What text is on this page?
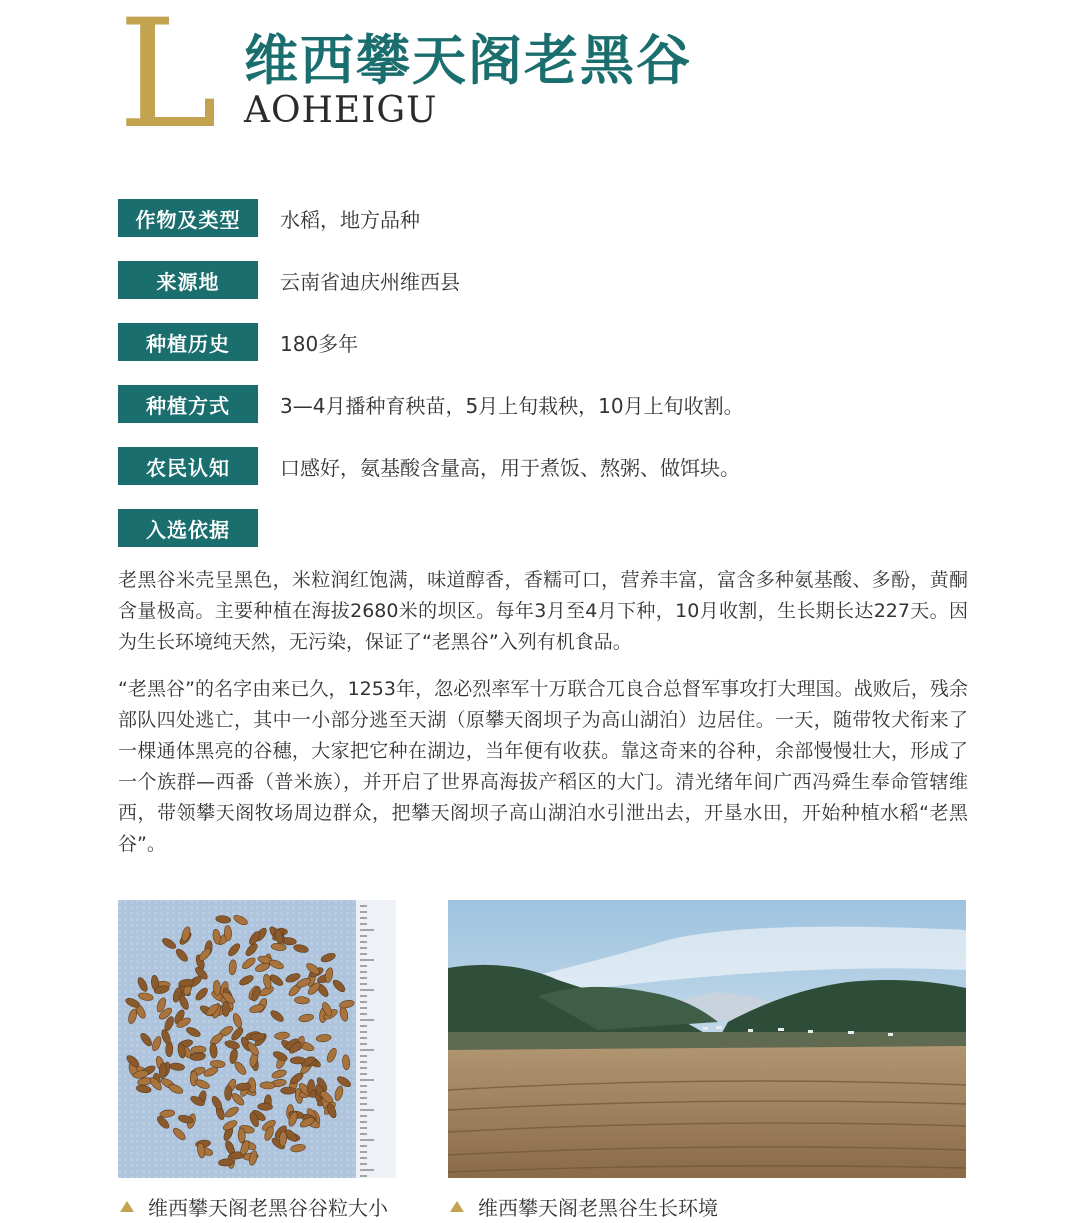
L 维西攀天阁老黑谷
AOHEIGU
作物及类型	水稻，地方品种
来源地	云南省迪庆州维西县
种植历史	180多年
种植方式	3—4月播种育秧苗，5月上旬栽秧，10月上旬收割。
农民认知	口感好，氨基酸含量高，用于煮饭、熬粥、做饵块。
入选依据

老黑谷米壳呈黑色，米粒润红饱满，味道醇香，香糯可口，营养丰富，富含多种氨基酸、多酚，黄酮含量极高。主要种植在海拔2680米的坝区。每年3月至4月下种，10月收割，生长期长达227天。因为生长环境纯天然，无污染，保证了“老黑谷”入列有机食品。

“老黑谷”的名字由来已久，1253年，忽必烈率军十万联合兀良合总督军事攻打大理国。战败后，残余部队四处逃亡，其中一小部分逃至天湖（原攀天阁坝子为高山湖泊）边居住。一天，随带牧犬衔来了一棵通体黑亮的谷穗，大家把它种在湖边，当年便有收获。靠这奇来的谷种，余部慢慢壮大，形成了一个族群—西番（普米族），并开启了世界高海拔产稻区的大门。清光绪年间广西冯舜生奉命管辖维西，带领攀天阁牧场周边群众，把攀天阁坝子高山湖泊水引泄出去，开垦水田，开始种植水稻“老黑谷”。

维西攀天阁老黑谷谷粒大小	维西攀天阁老黑谷生长环境
